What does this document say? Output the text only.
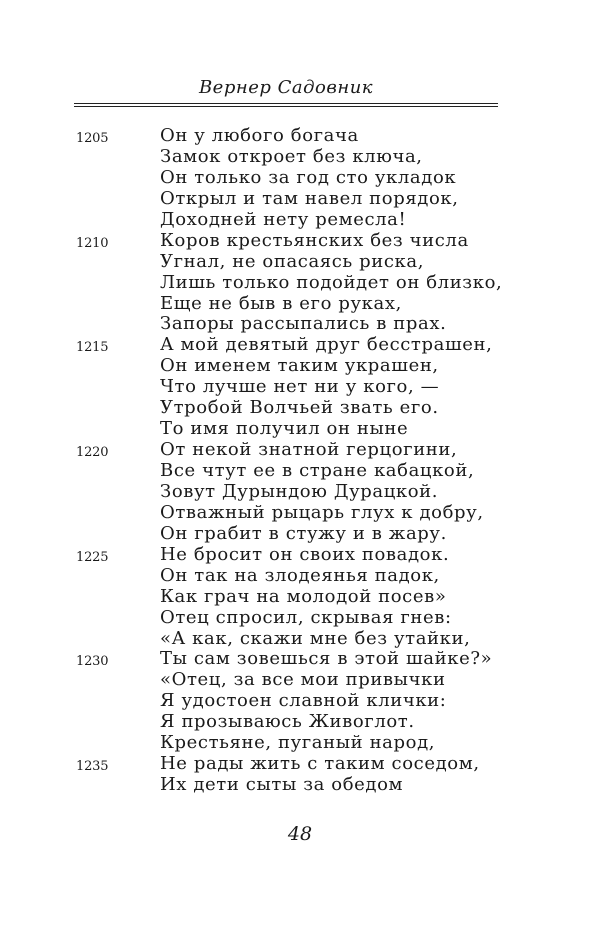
Вернер Садовник
1205	Он у любого богача
Замок откроет без ключа,
Он только за год сто укладок
Открыл и там навел порядок,
Доходней нету ремесла!
1210	Коров крестьянских без числа
Угнал, не опасаясь риска,
Лишь только подойдет он близко,
Еще не быв в его руках,
Запоры рассыпались в прах.
1215	А мой девятый друг бесстрашен,
Он именем таким украшен,
Что лучше нет ни у кого, —
Утробой Волчьей звать его.
То имя получил он ныне
1220	От некой знатной герцогини,
Все чтут ее в стране кабацкой,
Зовут Дурындою Дурацкой.
Отважный рыцарь глух к добру,
Он грабит в стужу и в жару.
1225	Не бросит он своих повадок.
Он так на злодеянья падок,
Как грач на молодой посев»
Отец спросил, скрывая гнев:
«А как, скажи мне без утайки,
1230	Ты сам зовешься в этой шайке?»
«Отец, за все мои привычки
Я удостоен славной клички:
Я прозываюсь Живоглот.
Крестьяне, пуганый народ,
1235	Не рады жить с таким соседом,
Их дети сыты за обедом
48
